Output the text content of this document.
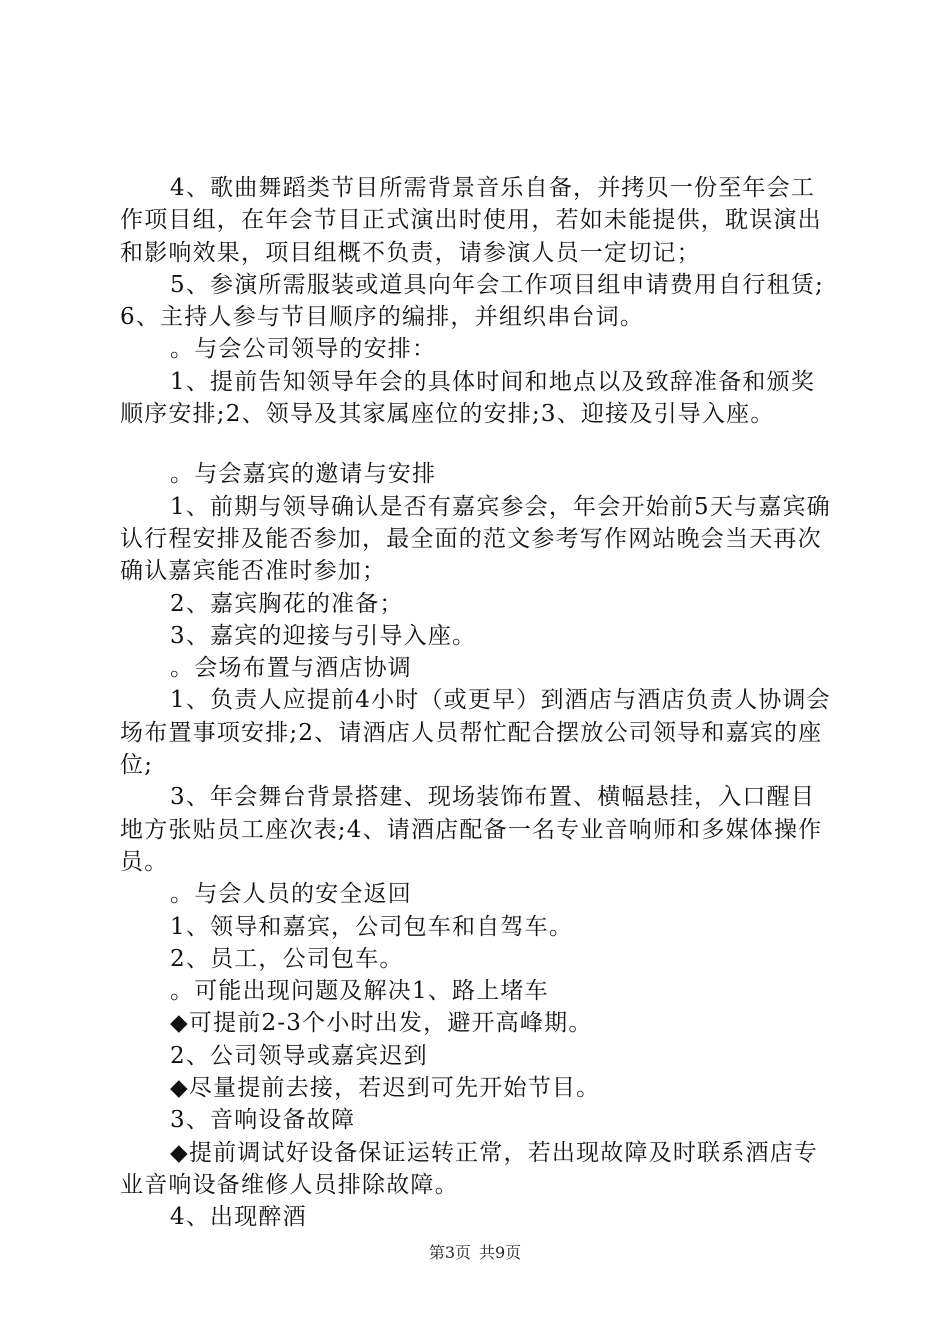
4、歌曲舞蹈类节目所需背景音乐自备，并拷贝一份至年会工作项目组，在年会节目正式演出时使用，若如未能提供，耽误演出和影响效果，项目组概不负责，请参演人员一定切记；

5、参演所需服装或道具向年会工作项目组申请费用自行租赁;6、主持人参与节目顺序的编排，并组织串台词。

。与会公司领导的安排：

1、提前告知领导年会的具体时间和地点以及致辞准备和颁奖顺序安排;2、领导及其家属座位的安排;3、迎接及引导入座。

。与会嘉宾的邀请与安排

1、前期与领导确认是否有嘉宾参会，年会开始前5天与嘉宾确认行程安排及能否参加，最全面的范文参考写作网站晚会当天再次确认嘉宾能否准时参加；

2、嘉宾胸花的准备；

3、嘉宾的迎接与引导入座。

。会场布置与酒店协调

1、负责人应提前4小时（或更早）到酒店与酒店负责人协调会场布置事项安排;2、请酒店人员帮忙配合摆放公司领导和嘉宾的座位;

3、年会舞台背景搭建、现场装饰布置、横幅悬挂，入口醒目地方张贴员工座次表;4、请酒店配备一名专业音响师和多媒体操作员。

。与会人员的安全返回

1、领导和嘉宾，公司包车和自驾车。

2、员工，公司包车。

。可能出现问题及解决1、路上堵车

◆可提前2-3个小时出发，避开高峰期。

2、公司领导或嘉宾迟到

◆尽量提前去接，若迟到可先开始节目。

3、音响设备故障

◆提前调试好设备保证运转正常，若出现故障及时联系酒店专业音响设备维修人员排除故障。

4、出现醉酒

第3页 共9页
